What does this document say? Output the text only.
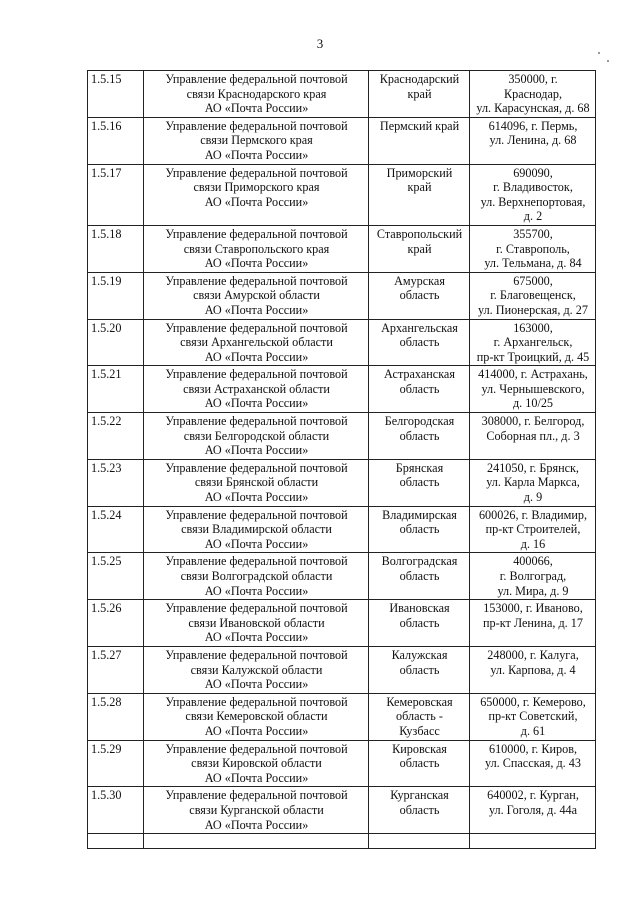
3
1.5.15	Управление федеральной почтовой
связи Краснодарского края
АО «Почта России»	Краснодарский
край	350000, г.
Краснодар,
ул. Карасунская, д. 68

1.5.16	Управление федеральной почтовой
связи Пермского края
АО «Почта России»	Пермский край	614096, г. Пермь,
ул. Ленина, д. 68

1.5.17	Управление федеральной почтовой
связи Приморского края
АО «Почта России»	Приморский
край	690090,
г. Владивосток,
ул. Верхнепортовая,
д. 2

1.5.18	Управление федеральной почтовой
связи Ставропольского края
АО «Почта России»	Ставропольский
край	355700,
г. Ставрополь,
ул. Тельмана, д. 84

1.5.19	Управление федеральной почтовой
связи Амурской области
АО «Почта России»	Амурская
область	675000,
г. Благовещенск,
ул. Пионерская, д. 27

1.5.20	Управление федеральной почтовой
связи Архангельской области
АО «Почта России»	Архангельская
область	163000,
г. Архангельск,
пр-кт Троицкий, д. 45

1.5.21	Управление федеральной почтовой
связи Астраханской области
АО «Почта России»	Астраханская
область	414000, г. Астрахань,
ул. Чернышевского,
д. 10/25

1.5.22	Управление федеральной почтовой
связи Белгородской области
АО «Почта России»	Белгородская
область	308000, г. Белгород,
Соборная пл., д. 3

1.5.23	Управление федеральной почтовой
связи Брянской области
АО «Почта России»	Брянская
область	241050, г. Брянск,
ул. Карла Маркса,
д. 9

1.5.24	Управление федеральной почтовой
связи Владимирской области
АО «Почта России»	Владимирская
область	600026, г. Владимир,
пр-кт Строителей,
д. 16

1.5.25	Управление федеральной почтовой
связи Волгоградской области
АО «Почта России»	Волгоградская
область	400066,
г. Волгоград,
ул. Мира, д. 9

1.5.26	Управление федеральной почтовой
связи Ивановской области
АО «Почта России»	Ивановская
область	153000, г. Иваново,
пр-кт Ленина, д. 17

1.5.27	Управление федеральной почтовой
связи Калужской области
АО «Почта России»	Калужская
область	248000, г. Калуга,
ул. Карпова, д. 4

1.5.28	Управление федеральной почтовой
связи Кемеровской области
АО «Почта России»	Кемеровская
область -
Кузбасс	650000, г. Кемерово,
пр-кт Советский,
д. 61

1.5.29	Управление федеральной почтовой
связи Кировской области
АО «Почта России»	Кировская
область	610000, г. Киров,
ул. Спасская, д. 43

1.5.30	Управление федеральной почтовой
связи Курганской области
АО «Почта России»	Курганская
область	640002, г. Курган,
ул. Гоголя, д. 44а
